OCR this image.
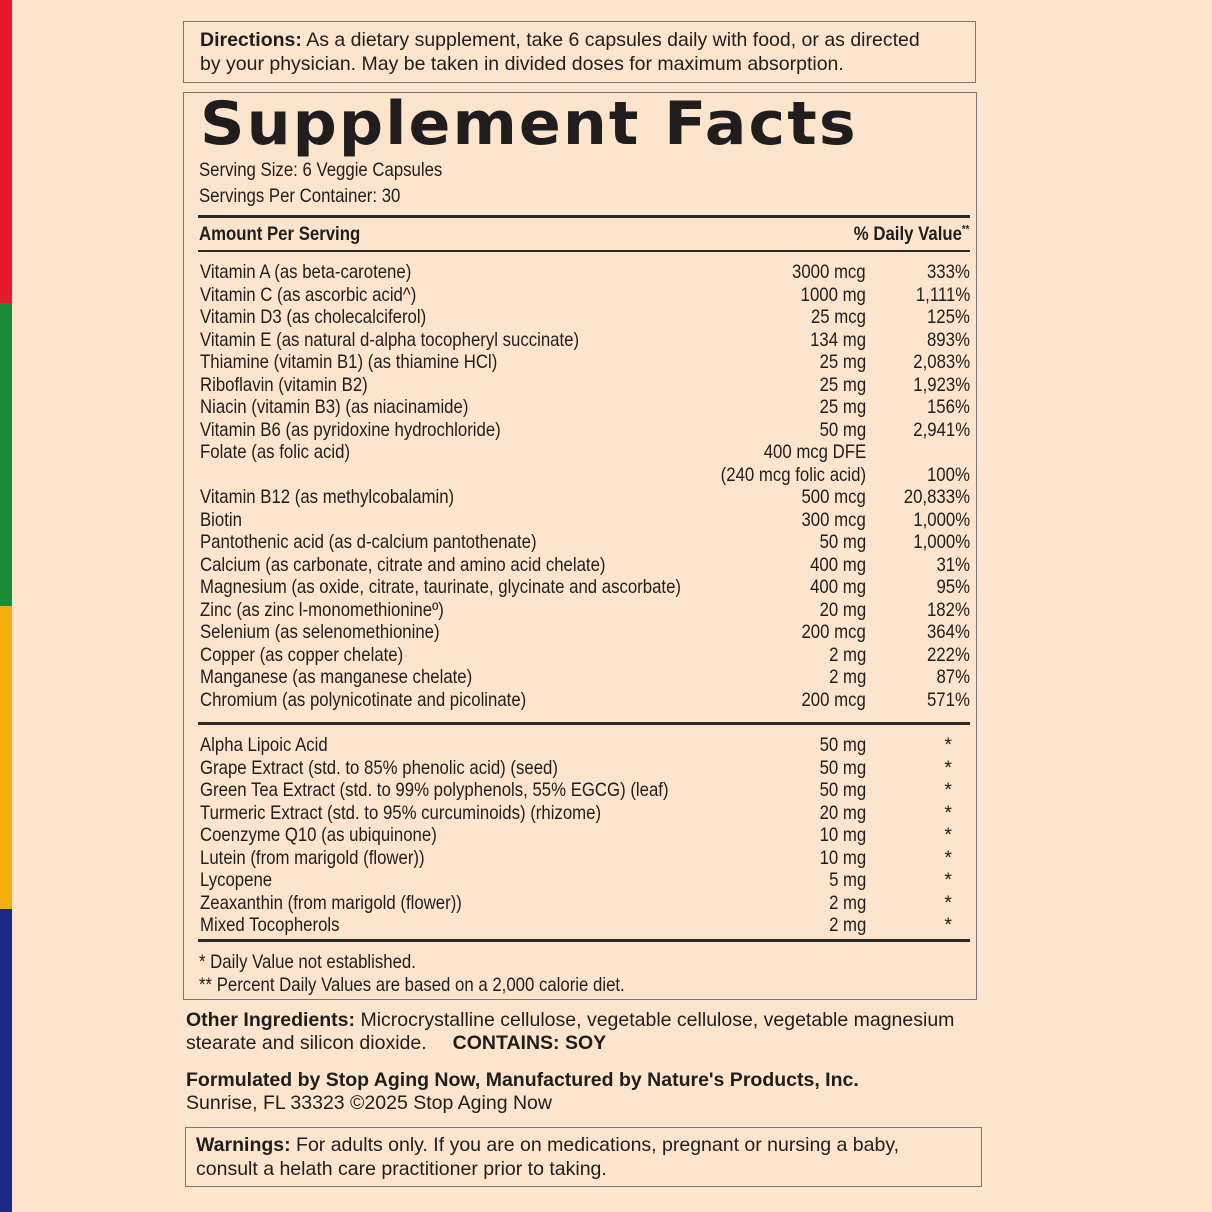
Directions: As a dietary supplement, take 6 capsules daily with food, or as directed
by your physician. May be taken in divided doses for maximum absorption.
Supplement Facts
Serving Size: 6 Veggie Capsules
Servings Per Container: 30
Amount Per Serving	% Daily Value**
Vitamin A (as beta-carotene)	3000 mcg	333%
Vitamin C (as ascorbic acid^)	1000 mg	1,111%
Vitamin D3 (as cholecalciferol)	25 mcg	125%
Vitamin E (as natural d-alpha tocopheryl succinate)	134 mg	893%
Thiamine (vitamin B1) (as thiamine HCl)	25 mg 2,083%
Riboflavin (vitamin B2)	25 mg 1,923%
Niacin (vitamin B3) (as niacinamide)	25 mg	156%
Vitamin B6 (as pyridoxine hydrochloride)	50 mg 2,941%
Folate (as folic acid)	400 mcg DFE
(240 mcg folic acid)	100%
Vitamin B12 (as methylcobalamin)	500 mcg 20,833%
Biotin	300 mcg 1,000%
Pantothenic acid (as d-calcium pantothenate)	50 mg 1,000%
Calcium (as carbonate, citrate and amino acid chelate)	400 mg	31%
Magnesium (as oxide, citrate, taurinate, glycinate and ascorbate)	400 mg	95%
Zinc (as zinc l-monomethionineº)	20 mg	182%
Selenium (as selenomethionine)	200 mcg	364%
Copper (as copper chelate)	2 mg	222%
Manganese (as manganese chelate)	2 mg	87%
Chromium (as polynicotinate and picolinate)	200 mcg	571%
Alpha Lipoic Acid	50 mg	*
Grape Extract (std. to 85% phenolic acid) (seed)	50 mg	*
Green Tea Extract (std. to 99% polyphenols, 55% EGCG) (leaf)	50 mg	*
Turmeric Extract (std. to 95% curcuminoids) (rhizome)	20 mg	*
Coenzyme Q10 (as ubiquinone)	10 mg	*
Lutein (from marigold (flower))	10 mg	*
Lycopene	5 mg	*
Zeaxanthin (from marigold (flower))	2 mg	*
Mixed Tocopherols	2 mg	*
* Daily Value not established.
** Percent Daily Values are based on a 2,000 calorie diet.
Other Ingredients: Microcrystalline cellulose, vegetable cellulose, vegetable magnesium
stearate and silicon dioxide. CONTAINS: SOY
Formulated by Stop Aging Now, Manufactured by Nature's Products, Inc.
Sunrise, FL 33323 ©2025 Stop Aging Now
Warnings: For adults only. If you are on medications, pregnant or nursing a baby,
consult a helath care practitioner prior to taking.
